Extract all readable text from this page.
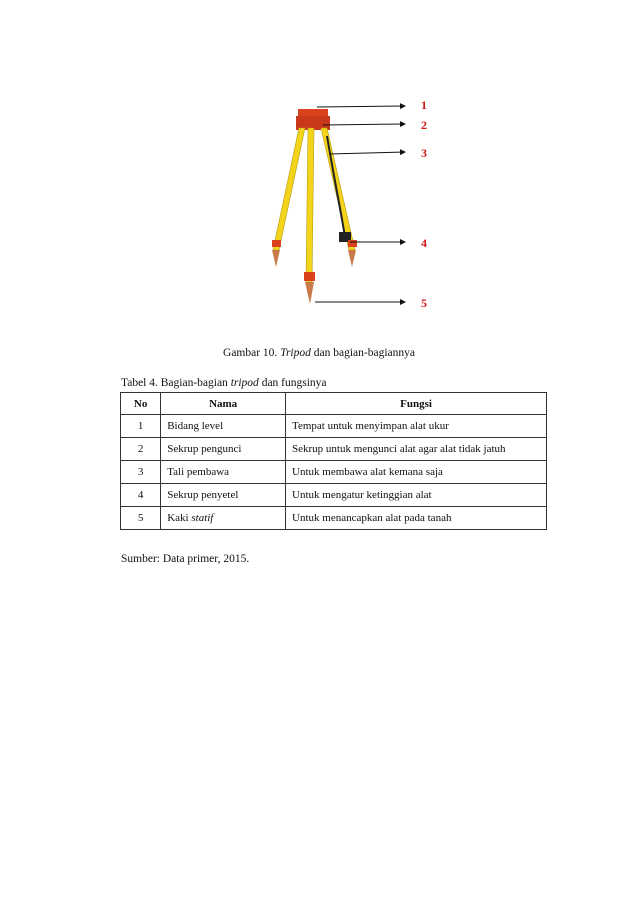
1
2
3
4
5
Gambar 10. Tripod dan bagian-bagiannya
Tabel 4. Bagian-bagian tripod dan fungsinya
No	Nama	Fungsi
1	Bidang level	Tempat untuk menyimpan alat ukur
2	Sekrup pengunci	Sekrup untuk mengunci alat agar alat tidak jatuh
3	Tali pembawa	Untuk membawa alat kemana saja
4	Sekrup penyetel	Untuk mengatur ketinggian alat
5	Kaki statif	Untuk menancapkan alat pada tanah
Sumber: Data primer, 2015.
